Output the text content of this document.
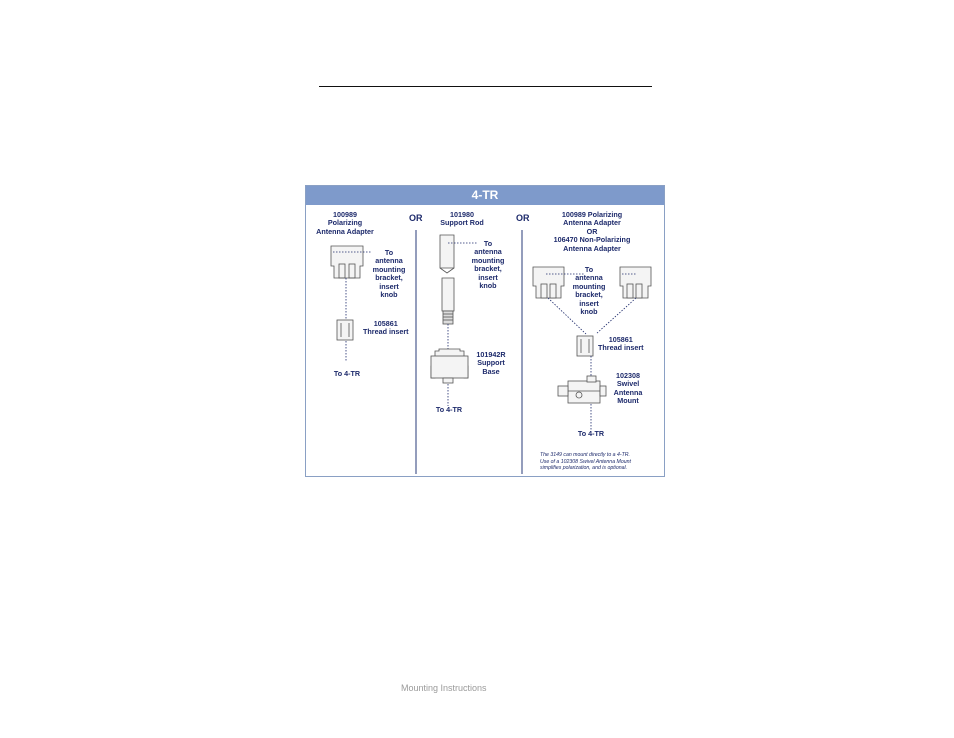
4-TR
100989
Polarizing
Antenna Adapter
OR	101980
Support Rod	OR	100989 Polarizing
Antenna Adapter
OR
106470 Non-Polarizing
Antenna Adapter
To
antenna
mounting
bracket,
insert
knob
105861
Thread insert
To 4-TR
To
antenna
mounting
bracket,
insert
knob
101942R
Support
Base
To 4-TR
To
antenna
mounting
bracket,
insert
knob
105861
Thread insert
102308
Swivel
Antenna
Mount
To 4-TR
The 3149 can mount directly to a 4-TR.
Use of a 102308 Swivel Antenna Mount
simplifies polarization, and is optional.
Mounting Instructions
